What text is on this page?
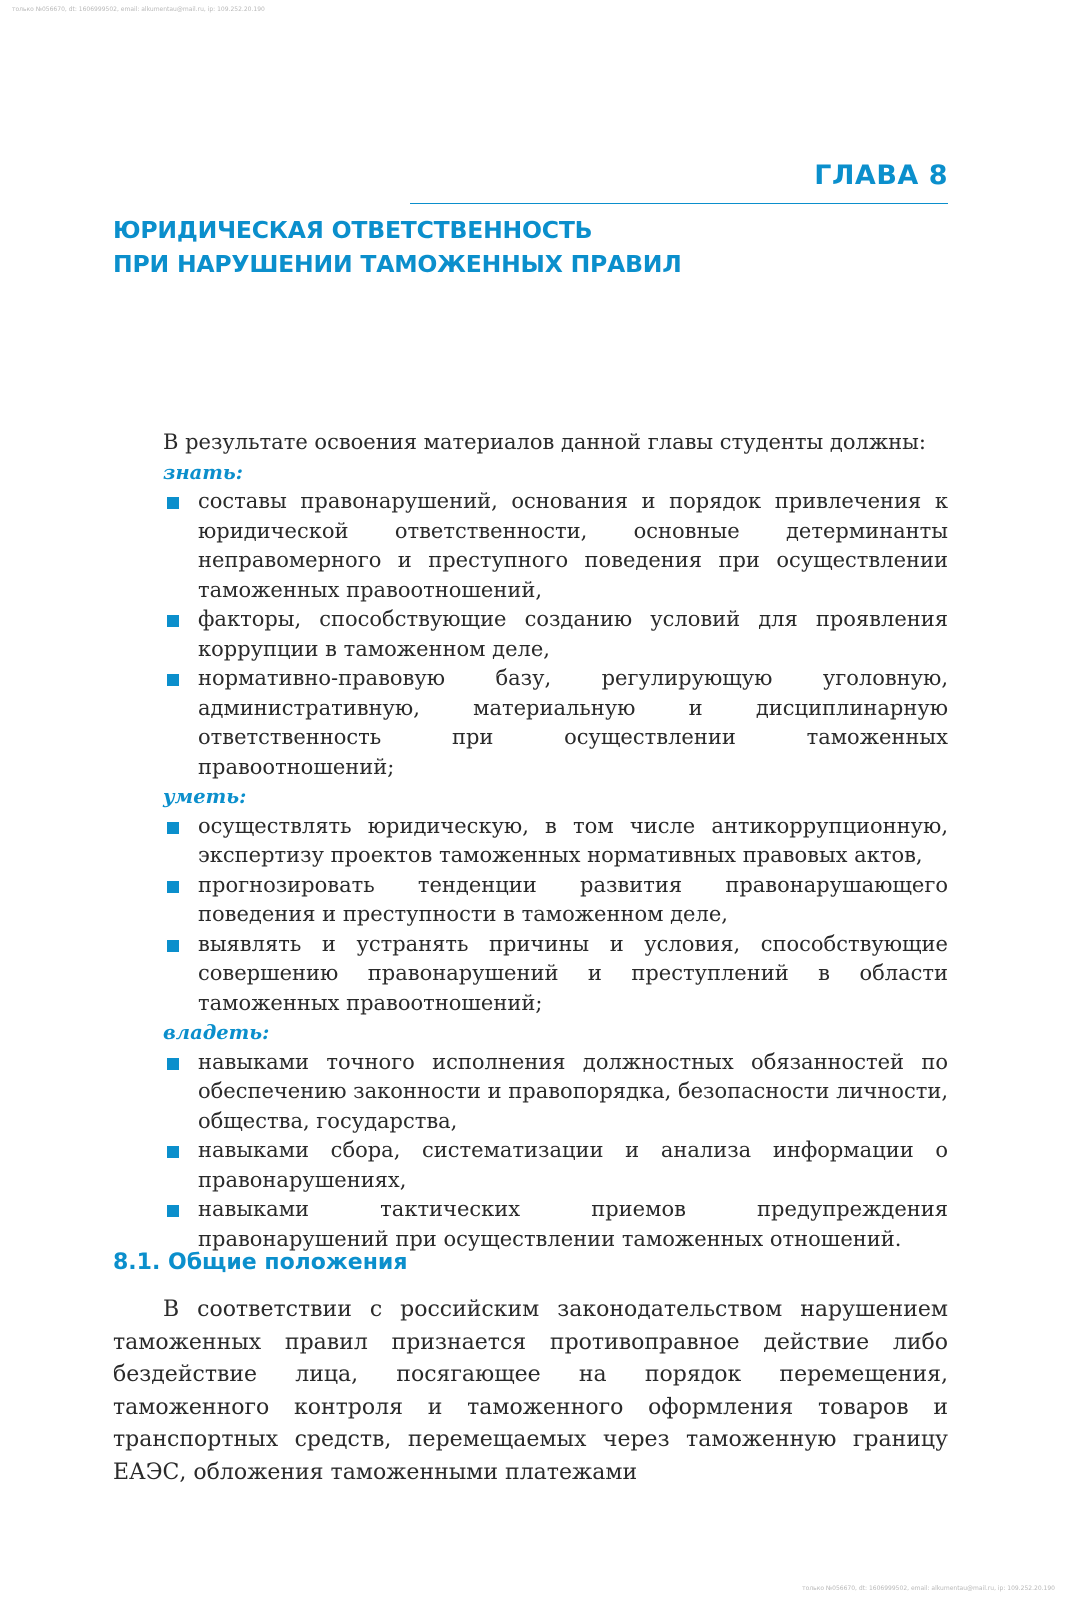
только №056670, dt: 1606999502, email: alkumentau@mail.ru, ip: 109.252.20.190
ГЛАВА 8
ЮРИДИЧЕСКАЯ ОТВЕТСТВЕННОСТЬ
ПРИ НАРУШЕНИИ ТАМОЖЕННЫХ ПРАВИЛ

В результате освоения материалов данной главы студенты должны:

знать:

составы правонарушений, основания и порядок привлечения к юридической ответственности, основные детерминанты неправомерного и преступного поведения при осуществлении таможенных правоотношений,
факторы, способствующие созданию условий для проявления коррупции в таможенном деле,
нормативно-правовую базу, регулирующую уголовную, административную, материальную и дисциплинарную ответственность при осуществлении таможенных правоотношений;

уметь:

осуществлять юридическую, в том числе антикоррупционную, экспертизу проектов таможенных нормативных правовых актов,
прогнозировать тенденции развития правонарушающего поведения и преступности в таможенном деле,
выявлять и устранять причины и условия, способствующие совершению правонарушений и преступлений в области таможенных правоотношений;

владеть:

навыками точного исполнения должностных обязанностей по обеспечению законности и правопорядка, безопасности личности, общества, государства,
навыками сбора, систематизации и анализа информации о правонарушениях,
навыками тактических приемов предупреждения правонарушений при осуществлении таможенных отношений.
8.1. Общие положения

В соответствии с российским законодательством нарушением таможенных правил признается противоправное действие либо бездействие лица, посягающее на порядок перемещения, таможенного контроля и таможенного оформления товаров и транспортных средств, перемещаемых через таможенную границу ЕАЭС, обложения таможенными платежами

только №056670, dt: 1606999502, email: alkumentau@mail.ru, ip: 109.252.20.190
